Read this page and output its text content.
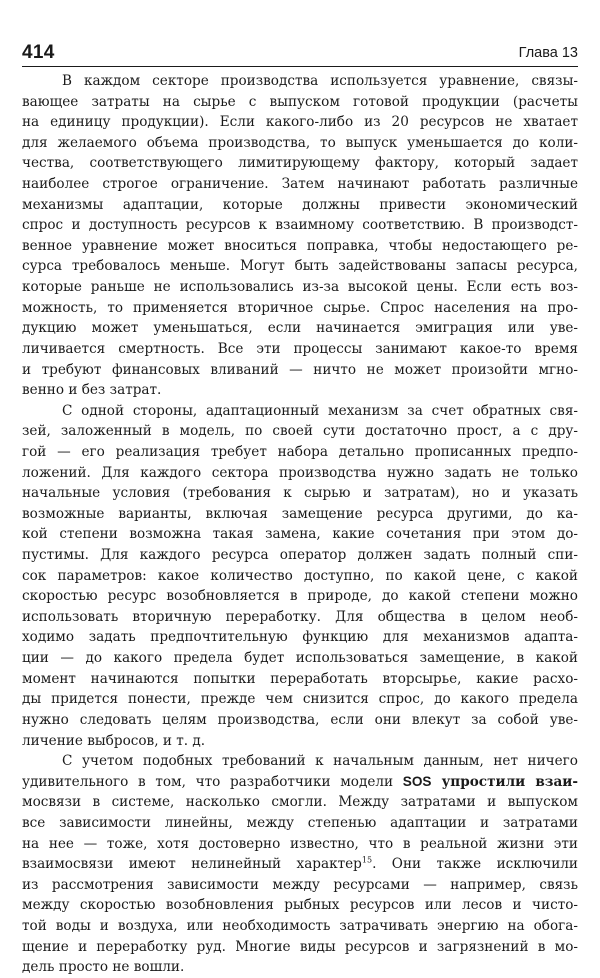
414	Глава 13
В каждом секторе производства используется уравнение, связы-
вающее затраты на сырье с выпуском готовой продукции (расчеты
на единицу продукции). Если какого-либо из 20 ресурсов не хватает
для желаемого объема производства, то выпуск уменьшается до коли-
чества, соответствующего лимитирующему фактору, который задает
наиболее строгое ограничение. Затем начинают работать различные
механизмы адаптации, которые должны привести экономический
спрос и доступность ресурсов к взаимному соответствию. В производст-
венное уравнение может вноситься поправка, чтобы недостающего ре-
сурса требовалось меньше. Могут быть задействованы запасы ресурса,
которые раньше не использовались из-за высокой цены. Если есть воз-
можность, то применяется вторичное сырье. Спрос населения на про-
дукцию может уменьшаться, если начинается эмиграция или уве-
личивается смертность. Все эти процессы занимают какое-то время
и требуют финансовых вливаний — ничто не может произойти мгно-
венно и без затрат.
С одной стороны, адаптационный механизм за счет обратных свя-
зей, заложенный в модель, по своей сути достаточно прост, а с дру-
гой — его реализация требует набора детально прописанных предпо-
ложений. Для каждого сектора производства нужно задать не только
начальные условия (требования к сырью и затратам), но и указать
возможные варианты, включая замещение ресурса другими, до ка-
кой степени возможна такая замена, какие сочетания при этом до-
пустимы. Для каждого ресурса оператор должен задать полный спи-
сок параметров: какое количество доступно, по какой цене, с какой
скоростью ресурс возобновляется в природе, до какой степени можно
использовать вторичную переработку. Для общества в целом необ-
ходимо задать предпочтительную функцию для механизмов адапта-
ции — до какого предела будет использоваться замещение, в какой
момент начинаются попытки переработать вторсырье, какие расхо-
ды придется понести, прежде чем снизится спрос, до какого предела
нужно следовать целям производства, если они влекут за собой уве-
личение выбросов, и т. д.
С учетом подобных требований к начальным данным, нет ничего
удивительного в том, что разработчики модели SOS упростили взаи-
мосвязи в системе, насколько смогли. Между затратами и выпуском
все зависимости линейны, между степенью адаптации и затратами
на нее — тоже, хотя достоверно известно, что в реальной жизни эти
взаимосвязи имеют нелинейный характер$^{15}$. Они также исключили
из рассмотрения зависимости между ресурсами — например, связь
между скоростью возобновления рыбных ресурсов или лесов и чисто-
той воды и воздуха, или необходимость затрачивать энергию на обога-
щение и переработку руд. Многие виды ресурсов и загрязнений в мо-
дель просто не вошли.
